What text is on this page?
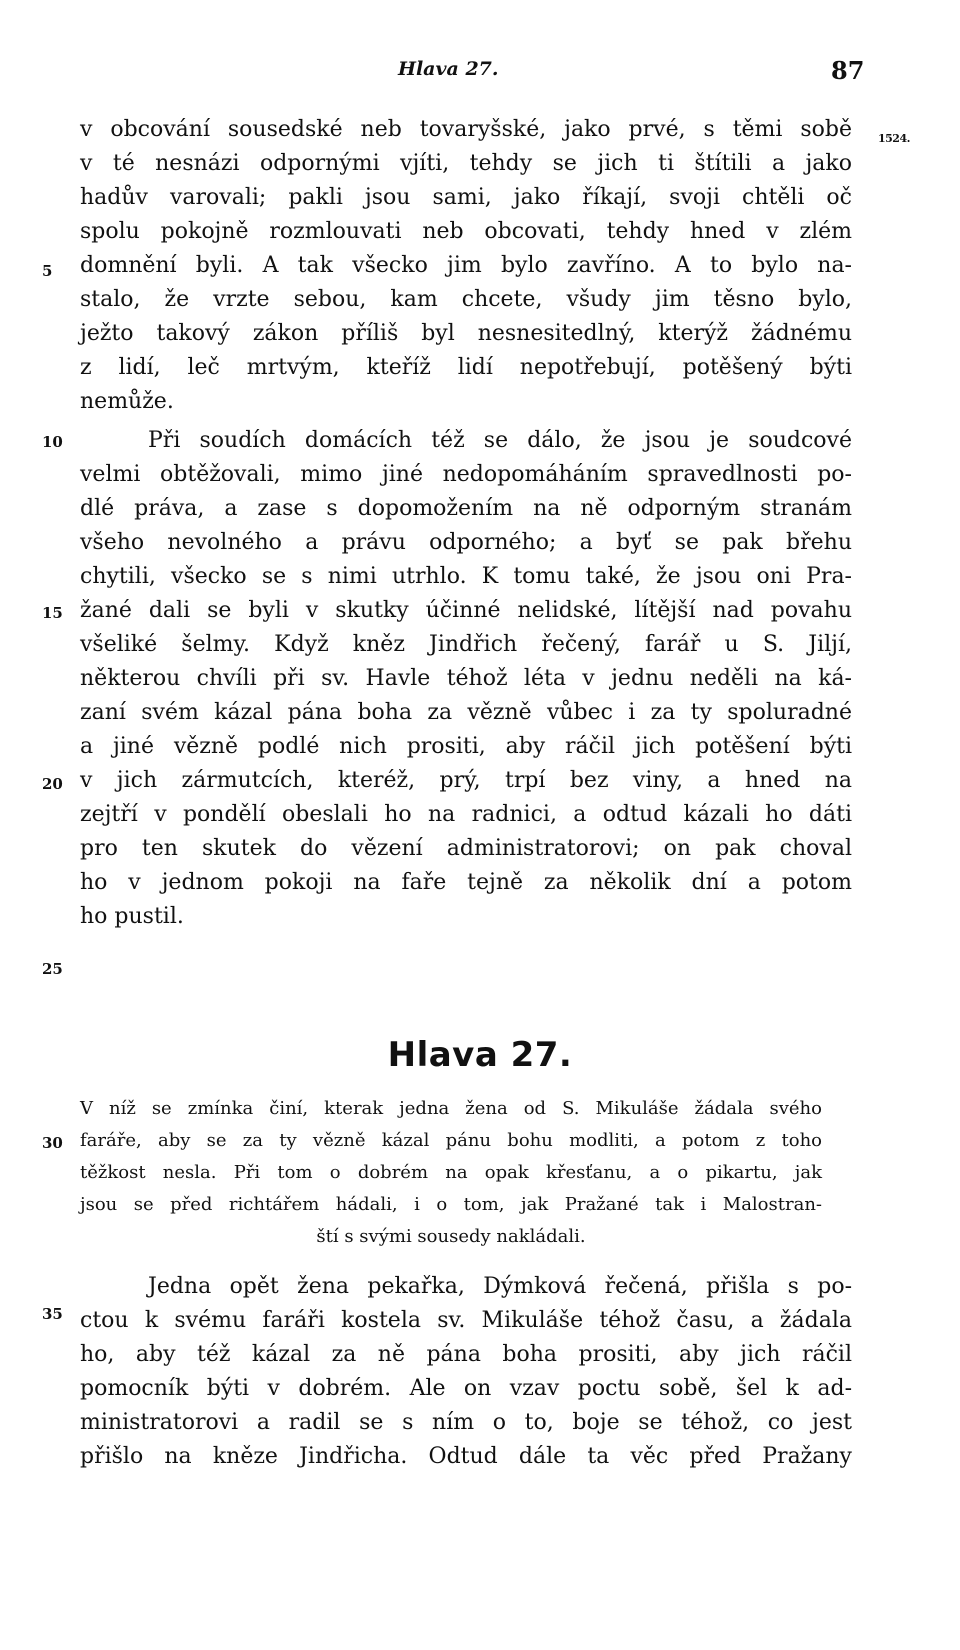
Hlava 27.	87
1524.
5
10
15
20
25
30
35
v obcování sousedské neb tovaryšské, jako prvé, s těmi sobě
v té nesnázi odpornými vjíti, tehdy se jich ti štítili a jako
hadův varovali; pakli jsou sami, jako říkají, svoji chtěli oč
spolu pokojně rozmlouvati neb obcovati, tehdy hned v zlém
domnění byli. A tak všecko jim bylo zavříno. A to bylo na-
stalo, že vrzte sebou, kam chcete, všudy jim těsno bylo,
ježto takový zákon příliš byl nesnesitedlný, kterýž žádnému
z lidí, leč mrtvým, kteříž lidí nepotřebují, potěšený býti
nemůže.
Při soudích domácích též se dálo, že jsou je soudcové
velmi obtěžovali, mimo jiné nedopomáháním spravedlnosti po-
dlé práva, a zase s dopomožením na ně odporným stranám
všeho nevolného a právu odporného; a byť se pak břehu
chytili, všecko se s nimi utrhlo. K tomu také, že jsou oni Pra-
žané dali se byli v skutky účinné nelidské, lítější nad povahu
všeliké šelmy. Když kněz Jindřich řečený, farář u S. Jiljí,
některou chvíli při sv. Havle téhož léta v jednu neděli na ká-
zaní svém kázal pána boha za vězně vůbec i za ty spoluradné
a jiné vězně podlé nich prositi, aby ráčil jich potěšení býti
v jich zármutcích, kteréž, prý, trpí bez viny, a hned na
zejtří v pondělí obeslali ho na radnici, a odtud kázali ho dáti
pro ten skutek do vězení administratorovi; on pak choval
ho v jednom pokoji na faře tejně za několik dní a potom
ho pustil.
Hlava 27.
V níž se zmínka činí, kterak jedna žena od S. Mikuláše žádala svého
faráře, aby se za ty vězně kázal pánu bohu modliti, a potom z toho
těžkost nesla. Při tom o dobrém na opak křesťanu, a o pikartu, jak
jsou se před richtářem hádali, i o tom, jak Pražané tak i Malostran-
ští s svými sousedy nakládali.
Jedna opět žena pekařka, Dýmková řečená, přišla s po-
ctou k svému faráři kostela sv. Mikuláše téhož času, a žádala
ho, aby též kázal za ně pána boha prositi, aby jich ráčil
pomocník býti v dobrém. Ale on vzav poctu sobě, šel k ad-
ministratorovi a radil se s ním o to, boje se téhož, co jest
přišlo na kněze Jindřicha. Odtud dále ta věc před Pražany
